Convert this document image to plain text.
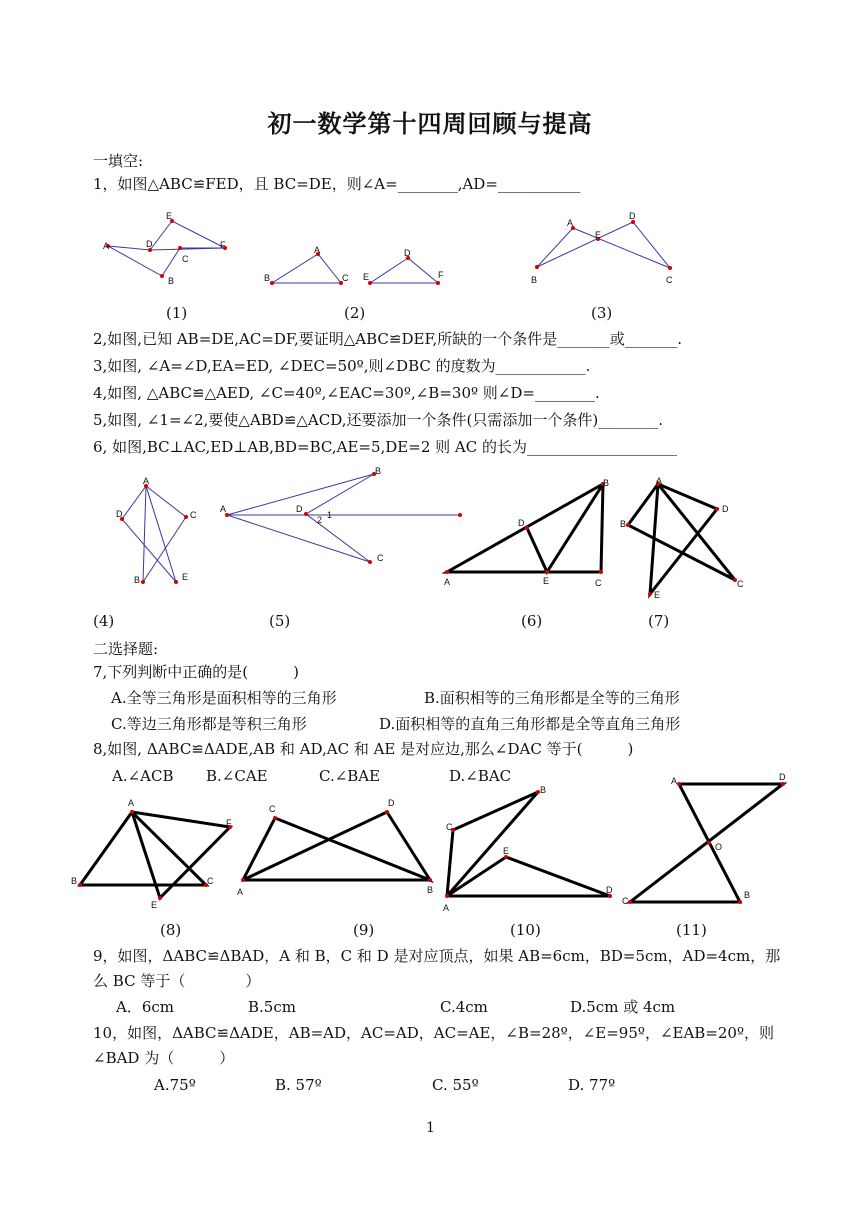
初一数学第十四周回顾与提高
一填空:
1，如图△ABC≌FED，且 BC=DE，则∠A=________,AD=___________
A
E
D	F
C
B
A
B	C
D
E	F
A
E
D
B	C
A
D	C
B	E
B
A	D
2 1
C
B
D
A	E	C
A
D
B
E
C
A
F
B	C
E
C
D
A	B
B
C
E
A
D
A	D
O
B
C
(1)	(2)	(3)
2,如图,已知 AB=DE,AC=DF,要证明△ABC≌DEF,所缺的一个条件是_______或_______.
3,如图, ∠A=∠D,EA=ED, ∠DEC=50º,则∠DBC 的度数为____________.
4,如图, △ABC≌△AED, ∠C=40º,∠EAC=30º,∠B=30º 则∠D=________.
5,如图, ∠1=∠2,要使△ABD≌△ACD,还要添加一个条件(只需添加一个条件)________.
6, 如图,BC⊥AC,ED⊥AB,BD=BC,AE=5,DE=2 则 AC 的长为____________________
(4)	(5)	(6)	(7)
二选择题:
7,下列判断中正确的是(　　　)
A.全等三角形是面积相等的三角形	B.面积相等的三角形都是全等的三角形
C.等边三角形都是等积三角形	D.面积相等的直角三角形都是全等直角三角形
8,如图, ΔABC≌ΔADE,AB 和 AD,AC 和 AE 是对应边,那么∠DAC 等于(　　　)
A.∠ACB B.∠CAE	C.∠BAE	D.∠BAC
(8)	(9)	(10)	(11)
9，如图，ΔABC≌ΔBAD，A 和 B，C 和 D 是对应顶点，如果 AB=6cm，BD=5cm，AD=4cm，那
么 BC 等于（　　　　）
A．6cm	B.5cm	C.4cm	D.5cm 或 4cm
10，如图，ΔABC≌ΔADE，AB=AD，AC=AD，AC=AE，∠B=28º，∠E=95º，∠EAB=20º，则
∠BAD 为（　　　）
A.75º	B. 57º	C. 55º	D. 77º
1
